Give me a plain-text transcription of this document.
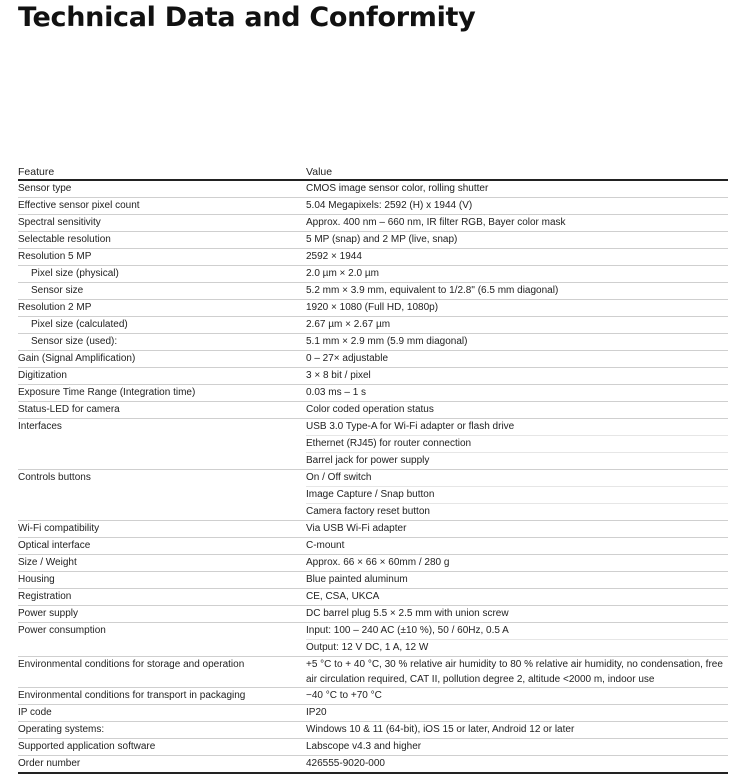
Technical Data and Conformity
Feature	Value
Sensor type	CMOS image sensor color, rolling shutter
Effective sensor pixel count	5.04 Megapixels: 2592 (H) x 1944 (V)
Spectral sensitivity	Approx. 400 nm – 660 nm, IR filter RGB, Bayer color mask
Selectable resolution	5 MP (snap) and 2 MP (live, snap)
Resolution 5 MP	2592 × 1944
Pixel size (physical)	2.0 µm × 2.0 µm
Sensor size	5.2 mm × 3.9 mm, equivalent to 1/2.8" (6.5 mm diagonal)
Resolution 2 MP	1920 × 1080 (Full HD, 1080p)
Pixel size (calculated)	2.67 µm × 2.67 µm
Sensor size (used):	5.1 mm × 2.9 mm (5.9 mm diagonal)
Gain (Signal Amplification)	0 – 27× adjustable
Digitization	3 × 8 bit / pixel
Exposure Time Range (Integration time)	0.03 ms – 1 s
Status-LED for camera	Color coded operation status
Interfaces	USB 3.0 Type-A for Wi-Fi adapter or flash drive
Ethernet (RJ45) for router connection
Barrel jack for power supply

Controls buttons	On / Off switch
Image Capture / Snap button
Camera factory reset button

Wi-Fi compatibility	Via USB Wi-Fi adapter
Optical interface	C-mount
Size / Weight	Approx. 66 × 66 × 60mm / 280 g
Housing	Blue painted aluminum
Registration	CE, CSA, UKCA
Power supply	DC barrel plug 5.5 × 2.5 mm with union screw
Power consumption	Input: 100 – 240 AC (±10 %), 50 / 60Hz, 0.5 A
Output: 12 V DC, 1 A, 12 W

Environmental conditions for storage and operation	+5 °C to + 40 °C, 30 % relative air humidity to 80 % relative air humidity, no condensation, free air circulation required, CAT II, pollution degree 2, altitude <2000 m, indoor use
Environmental conditions for transport in packaging	−40 °C to +70 °C
IP code	IP20
Operating systems:	Windows 10 & 11 (64-bit), iOS 15 or later, Android 12 or later
Supported application software	Labscope v4.3 and higher
Order number	426555-9020-000
